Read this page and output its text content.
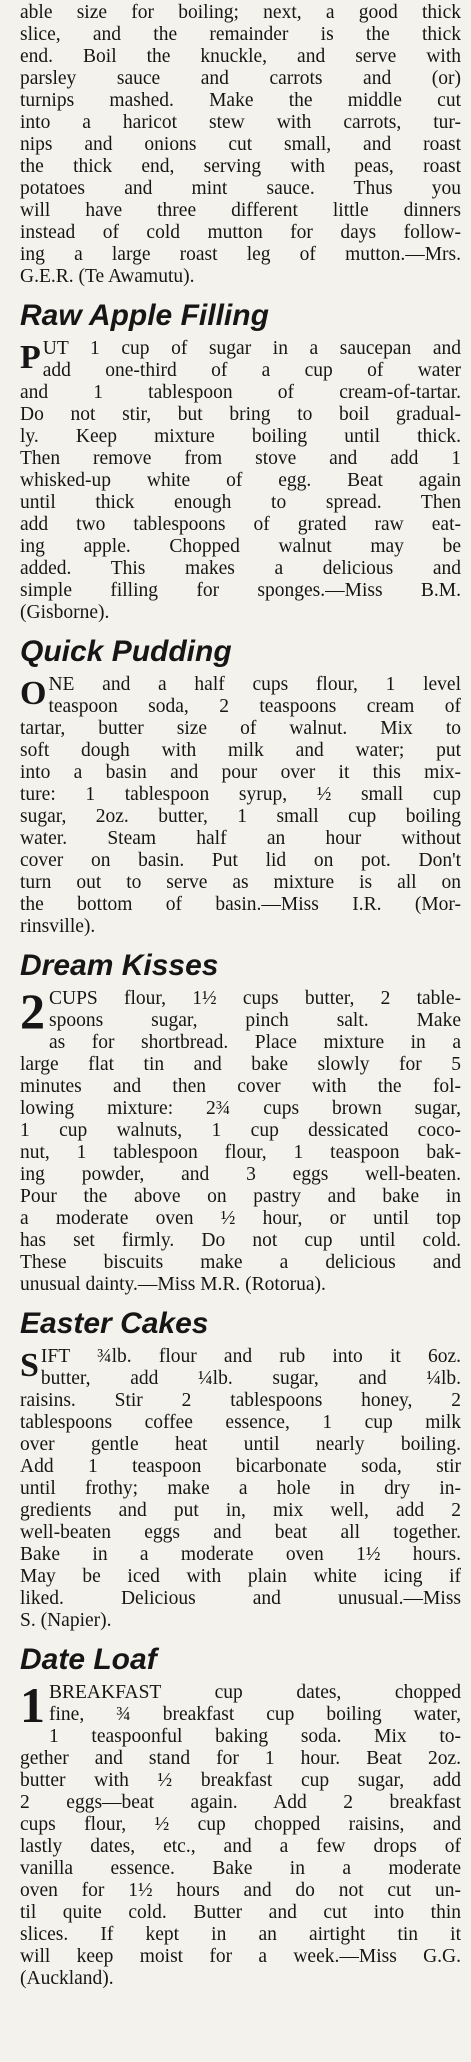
able size for boiling; next, a good thick
slice, and the remainder is the thick
end. Boil the knuckle, and serve with
parsley sauce and carrots and (or)
turnips mashed. Make the middle cut
into a haricot stew with carrots, tur-
nips and onions cut small, and roast
the thick end, serving with peas, roast
potatoes and mint sauce. Thus you
will have three different little dinners
instead of cold mutton for days follow-
ing a large roast leg of mutton.—Mrs.
G.E.R. (Te Awamutu).
Raw Apple Filling
P UT 1 cup of sugar in a saucepan and
add one-third of a cup of water
and 1 tablespoon of cream-of-tartar.
Do not stir, but bring to boil gradual-
ly. Keep mixture boiling until thick.
Then remove from stove and add 1
whisked-up white of egg. Beat again
until thick enough to spread. Then
add two tablespoons of grated raw eat-
ing apple. Chopped walnut may be
added. This makes a delicious and
simple filling for sponges.—Miss B.M.
(Gisborne).
Quick Pudding
O NE and a half cups flour, 1 level
teaspoon soda, 2 teaspoons cream of
tartar, butter size of walnut. Mix to
soft dough with milk and water; put
into a basin and pour over it this mix-
ture: 1 tablespoon syrup, ½ small cup
sugar, 2oz. butter, 1 small cup boiling
water. Steam half an hour without
cover on basin. Put lid on pot. Don't
turn out to serve as mixture is all on
the bottom of basin.—Miss I.R. (Mor-
rinsville).
Dream Kisses
2 CUPS flour, 1½ cups butter, 2 table-
spoons sugar, pinch salt. Make
as for shortbread. Place mixture in a
large flat tin and bake slowly for 5
minutes and then cover with the fol-
lowing mixture: 2¾ cups brown sugar,
1 cup walnuts, 1 cup dessicated coco-
nut, 1 tablespoon flour, 1 teaspoon bak-
ing powder, and 3 eggs well-beaten.
Pour the above on pastry and bake in
a moderate oven ½ hour, or until top
has set firmly. Do not cup until cold.
These biscuits make a delicious and
unusual dainty.—Miss M.R. (Rotorua).
Easter Cakes
S IFT ¾lb. flour and rub into it 6oz.
butter, add ¼lb. sugar, and ¼lb.
raisins. Stir 2 tablespoons honey, 2
tablespoons coffee essence, 1 cup milk
over gentle heat until nearly boiling.
Add 1 teaspoon bicarbonate soda, stir
until frothy; make a hole in dry in-
gredients and put in, mix well, add 2
well-beaten eggs and beat all together.
Bake in a moderate oven 1½ hours.
May be iced with plain white icing if
liked. Delicious and unusual.—Miss
S. (Napier).
Date Loaf
1 BREAKFAST cup dates, chopped
fine, ¾ breakfast cup boiling water,
1 teaspoonful baking soda. Mix to-
gether and stand for 1 hour. Beat 2oz.
butter with ½ breakfast cup sugar, add
2 eggs—beat again. Add 2 breakfast
cups flour, ½ cup chopped raisins, and
lastly dates, etc., and a few drops of
vanilla essence. Bake in a moderate
oven for 1½ hours and do not cut un-
til quite cold. Butter and cut into thin
slices. If kept in an airtight tin it
will keep moist for a week.—Miss G.G.
(Auckland).
